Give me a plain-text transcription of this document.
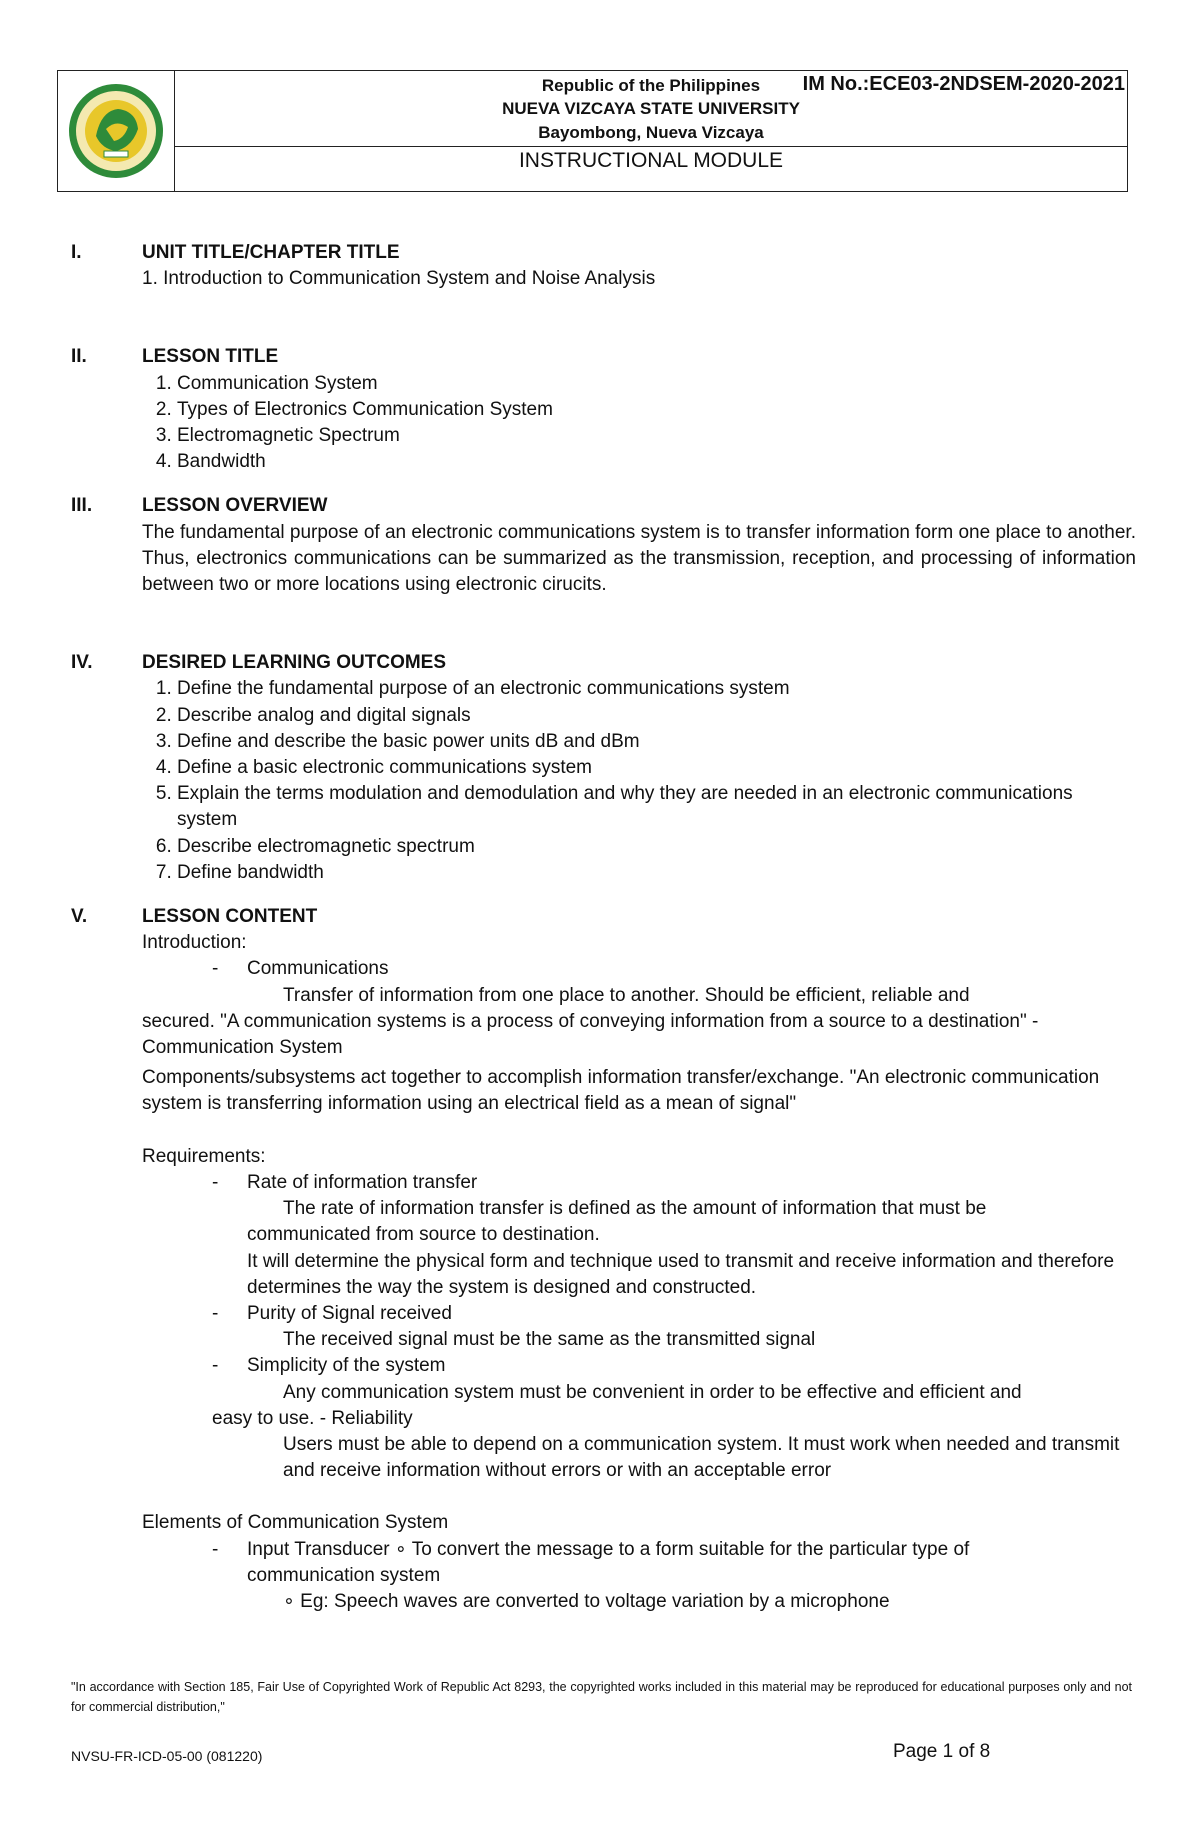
Republic of the Philippines	IM No.:ECE03-2NDSEM-2020-2021
NUEVA VIZCAYA STATE UNIVERSITY
Bayombong, Nueva Vizcaya
INSTRUCTIONAL MODULE
I.	UNIT TITLE/CHAPTER TITLE
1. Introduction to Communication System and Noise Analysis
II.	LESSON TITLE
1. Communication System
2. Types of Electronics Communication System
3. Electromagnetic Spectrum
4. Bandwidth
III.	LESSON OVERVIEW
The fundamental purpose of an electronic communications system is to transfer information form one place to another. Thus, electronics communications can be summarized as the transmission, reception, and processing of information between two or more locations using electronic cirucits.
IV.	DESIRED LEARNING OUTCOMES
1. Define the fundamental purpose of an electronic communications system
2. Describe analog and digital signals
3. Define and describe the basic power units dB and dBm
4. Define a basic electronic communications system
5. Explain the terms modulation and demodulation and why they are needed in an electronic communications system
6. Describe electromagnetic spectrum
7. Define bandwidth
V.	LESSON CONTENT
Introduction:
- Communications
Transfer of information from one place to another. Should be efficient, reliable and
secured. "A communication systems is a process of conveying information from a source to a destination" - Communication System
Components/subsystems act together to accomplish information transfer/exchange. "An electronic communication system is transferring information using an electrical field as a mean of signal"
Requirements:
- Rate of information transfer
The rate of information transfer is defined as the amount of information that must be
communicated from source to destination.
It will determine the physical form and technique used to transmit and receive information and therefore determines the way the system is designed and constructed.
- Purity of Signal received
The received signal must be the same as the transmitted signal
- Simplicity of the system
Any communication system must be convenient in order to be effective and efficient and
easy to use. - Reliability
Users must be able to depend on a communication system. It must work when needed and transmit and receive information without errors or with an acceptable error
Elements of Communication System
- Input Transducer ∘ To convert the message to a form suitable for the particular type of
communication system
∘ Eg: Speech waves are converted to voltage variation by a microphone
"In accordance with Section 185, Fair Use of Copyrighted Work of Republic Act 8293, the copyrighted works included in this material may be reproduced for educational purposes only and not for commercial distribution,"
NVSU-FR-ICD-05-00 (081220)	Page 1 of 8
